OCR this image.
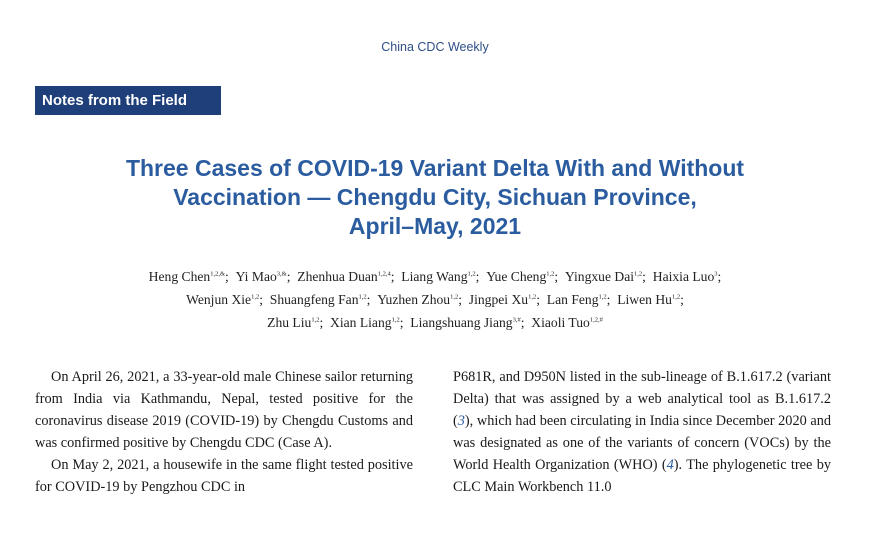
China CDC Weekly
Notes from the Field
Three Cases of COVID-19 Variant Delta With and Without
Vaccination — Chengdu City, Sichuan Province,
April–May, 2021
Heng Chen$^{1,2,\&}$;  Yi Mao$^{3,\&}$;  Zhenhua Duan$^{1,2,4}$;  Liang Wang$^{1,2}$;  Yue Cheng$^{1,2}$;  Yingxue Dai$^{1,2}$;  Haixia Luo$^3$;
Wenjun Xie$^{1,2}$;  Shuangfeng Fan$^{1,2}$;  Yuzhen Zhou$^{1,2}$;  Jingpei Xu$^{1,2}$;  Lan Feng$^{1,2}$;  Liwen Hu$^{1,2}$;
Zhu Liu$^{1,2}$;  Xian Liang$^{1,2}$;  Liangshuang Jiang$^{3,\#}$;  Xiaoli Tuo$^{1,2,\#}$

On April 26, 2021, a 33-year-old male Chinese sailor returning from India via Kathmandu, Nepal, tested positive for the coronavirus disease 2019 (COVID-19) by Chengdu Customs and was confirmed positive by Chengdu CDC (Case A).

On May 2, 2021, a housewife in the same flight tested positive for COVID-19 by Pengzhou CDC in

P681R, and D950N listed in the sub-lineage of B.1.617.2 (variant Delta) that was assigned by a web analytical tool as B.1.617.2 (3), which had been circulating in India since December 2020 and was designated as one of the variants of concern (VOCs) by the World Health Organization (WHO) (4). The phylogenetic tree by CLC Main Workbench 11.0
